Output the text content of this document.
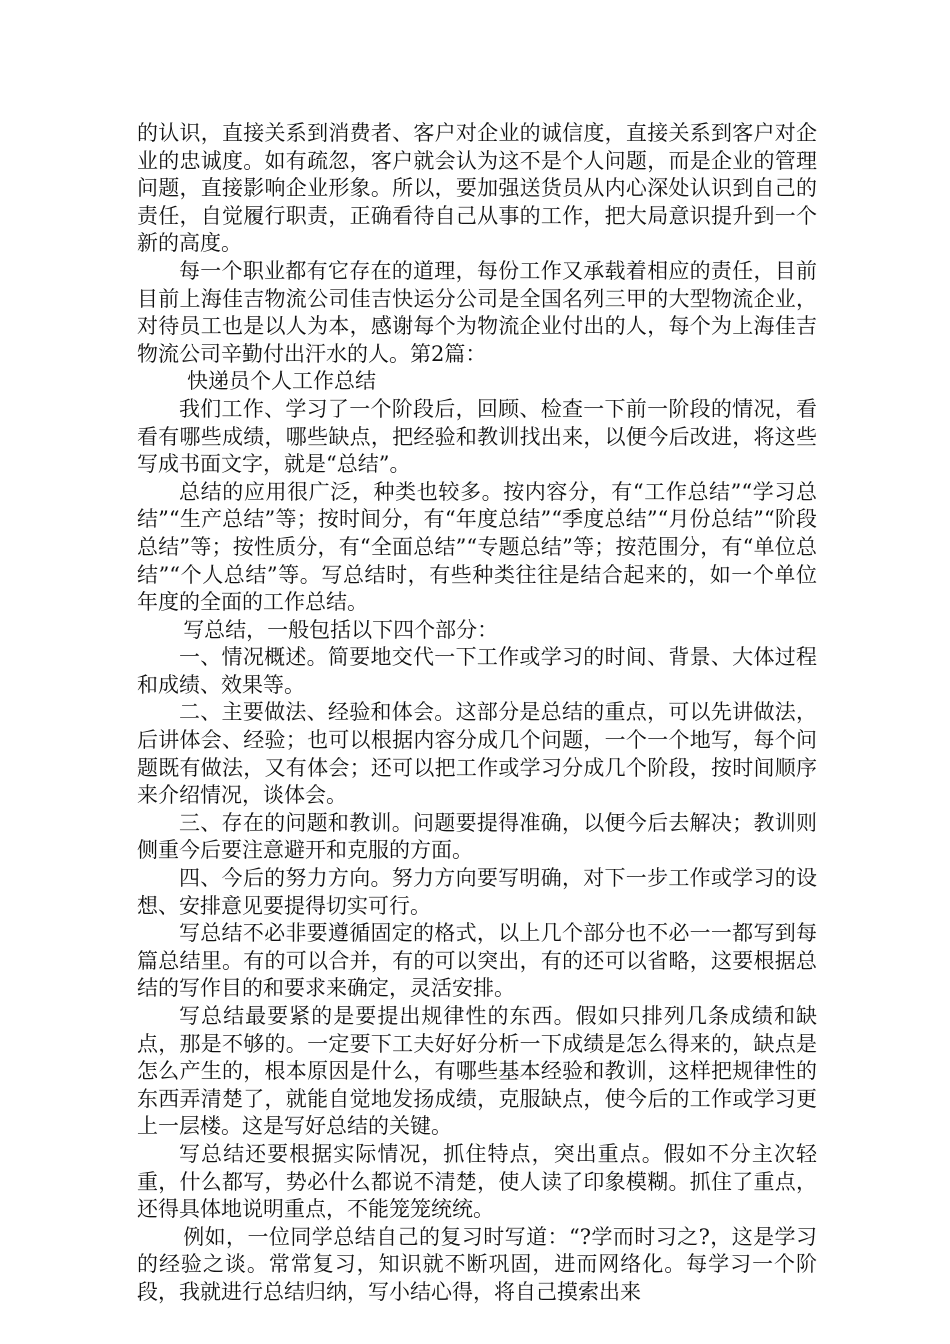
的认识，直接关系到消费者、客户对企业的诚信度，直接关系到客户对企业的忠诚度。如有疏忽，客户就会认为这不是个人问题，而是企业的管理问题，直接影响企业形象。所以，要加强送货员从内心深处认识到自己的责任，自觉履行职责，正确看待自己从事的工作，把大局意识提升到一个新的高度。

每一个职业都有它存在的道理，每份工作又承载着相应的责任，目前目前上海佳吉物流公司佳吉快运分公司是全国名列三甲的大型物流企业，对待员工也是以人为本，感谢每个为物流企业付出的人，每个为上海佳吉物流公司辛勤付出汗水的人。第2篇：

快递员个人工作总结

我们工作、学习了一个阶段后，回顾、检查一下前一阶段的情况，看看有哪些成绩，哪些缺点，把经验和教训找出来，以便今后改进，将这些写成书面文字，就是“总结”。

总结的应用很广泛，种类也较多。按内容分，有“工作总结”“学习总结”“生产总结”等；按时间分，有“年度总结”“季度总结”“月份总结”“阶段总结”等；按性质分，有“全面总结”“专题总结”等；按范围分，有“单位总结”“个人总结”等。写总结时，有些种类往往是结合起来的，如一个单位年度的全面的工作总结。

写总结，一般包括以下四个部分：

一、情况概述。简要地交代一下工作或学习的时间、背景、大体过程和成绩、效果等。

二、主要做法、经验和体会。这部分是总结的重点，可以先讲做法，后讲体会、经验；也可以根据内容分成几个问题，一个一个地写，每个问题既有做法，又有体会；还可以把工作或学习分成几个阶段，按时间顺序来介绍情况，谈体会。

三、存在的问题和教训。问题要提得准确，以便今后去解决；教训则侧重今后要注意避开和克服的方面。

四、今后的努力方向。努力方向要写明确，对下一步工作或学习的设想、安排意见要提得切实可行。

写总结不必非要遵循固定的格式，以上几个部分也不必一一都写到每篇总结里。有的可以合并，有的可以突出，有的还可以省略，这要根据总结的写作目的和要求来确定，灵活安排。

写总结最要紧的是要提出规律性的东西。假如只排列几条成绩和缺点，那是不够的。一定要下工夫好好分析一下成绩是怎么得来的，缺点是怎么产生的，根本原因是什么，有哪些基本经验和教训，这样把规律性的东西弄清楚了，就能自觉地发扬成绩，克服缺点，使今后的工作或学习更上一层楼。这是写好总结的关键。

写总结还要根据实际情况，抓住特点，突出重点。假如不分主次轻重，什么都写，势必什么都说不清楚，使人读了印象模糊。抓住了重点，还得具体地说明重点，不能笼笼统统。

例如，一位同学总结自己的复习时写道：“?学而时习之?，这是学习的经验之谈。常常复习，知识就不断巩固，进而网络化。每学习一个阶段，我就进行总结归纳，写小结心得，将自己摸索出来
